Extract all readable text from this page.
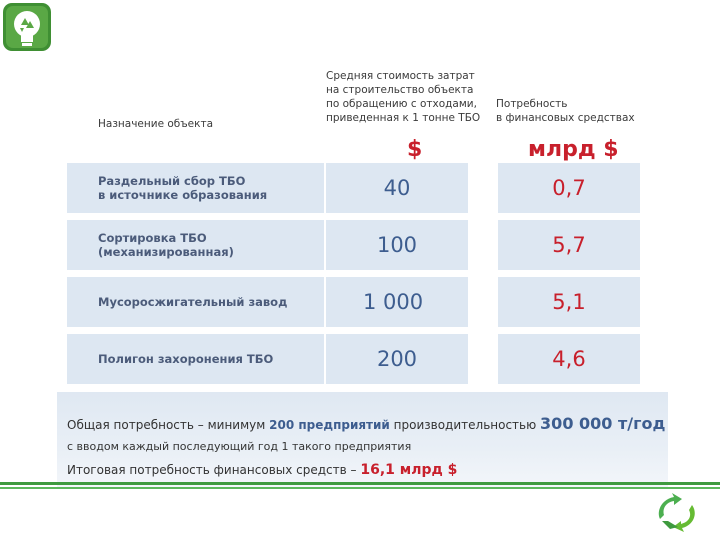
Назначение объекта
Средняя стоимость затрат
на строительство объекта
по обращению с отходами,
приведенная к 1 тонне ТБО
Потребность
в финансовых средствах
$	млрд $
Раздельный сбор ТБО
в источнике образования	40	0,7
Сортировка ТБО
(механизированная)	100	5,7
Мусоросжигательный завод	1 000	5,1
Полигон захоронения ТБО	200	4,6
Общая потребность – минимум 200 предприятий производительностью 300 000 т/год
с вводом каждый последующий год 1 такого предприятия
Итоговая потребность финансовых средств – 16,1 млрд $
